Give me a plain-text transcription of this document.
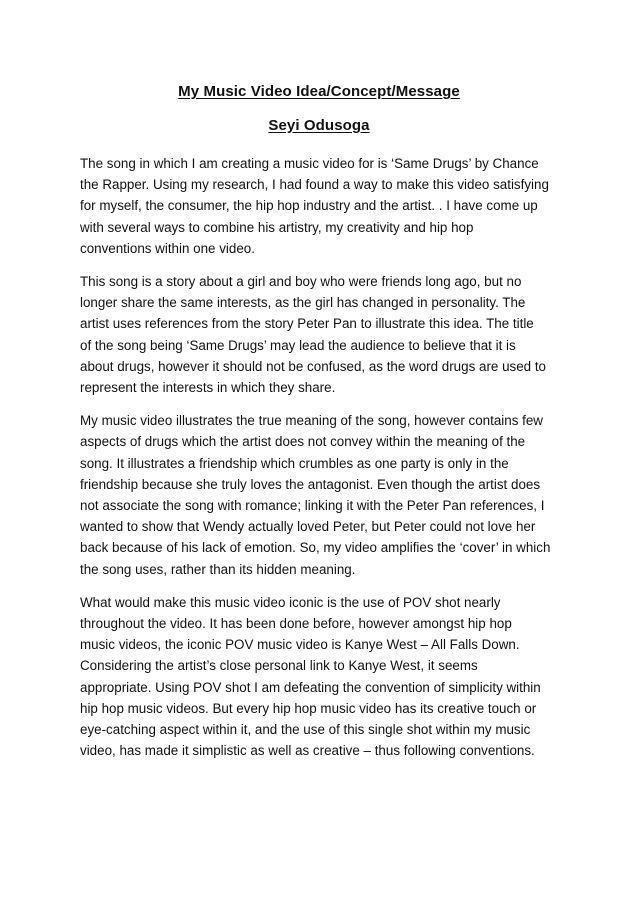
My Music Video Idea/Concept/Message
Seyi Odusoga

The song in which I am creating a music video for is ‘Same Drugs’ by Chance
the Rapper. Using my research, I had found a way to make this video satisfying
for myself, the consumer, the hip hop industry and the artist. . I have come up
with several ways to combine his artistry, my creativity and hip hop
conventions within one video.

This song is a story about a girl and boy who were friends long ago, but no
longer share the same interests, as the girl has changed in personality. The
artist uses references from the story Peter Pan to illustrate this idea. The title
of the song being ‘Same Drugs’ may lead the audience to believe that it is
about drugs, however it should not be confused, as the word drugs are used to
represent the interests in which they share.

My music video illustrates the true meaning of the song, however contains few
aspects of drugs which the artist does not convey within the meaning of the
song. It illustrates a friendship which crumbles as one party is only in the
friendship because she truly loves the antagonist. Even though the artist does
not associate the song with romance; linking it with the Peter Pan references, I
wanted to show that Wendy actually loved Peter, but Peter could not love her
back because of his lack of emotion. So, my video amplifies the ‘cover’ in which
the song uses, rather than its hidden meaning.

What would make this music video iconic is the use of POV shot nearly
throughout the video. It has been done before, however amongst hip hop
music videos, the iconic POV music video is Kanye West – All Falls Down.
Considering the artist’s close personal link to Kanye West, it seems
appropriate. Using POV shot I am defeating the convention of simplicity within
hip hop music videos. But every hip hop music video has its creative touch or
eye-catching aspect within it, and the use of this single shot within my music
video, has made it simplistic as well as creative – thus following conventions.
